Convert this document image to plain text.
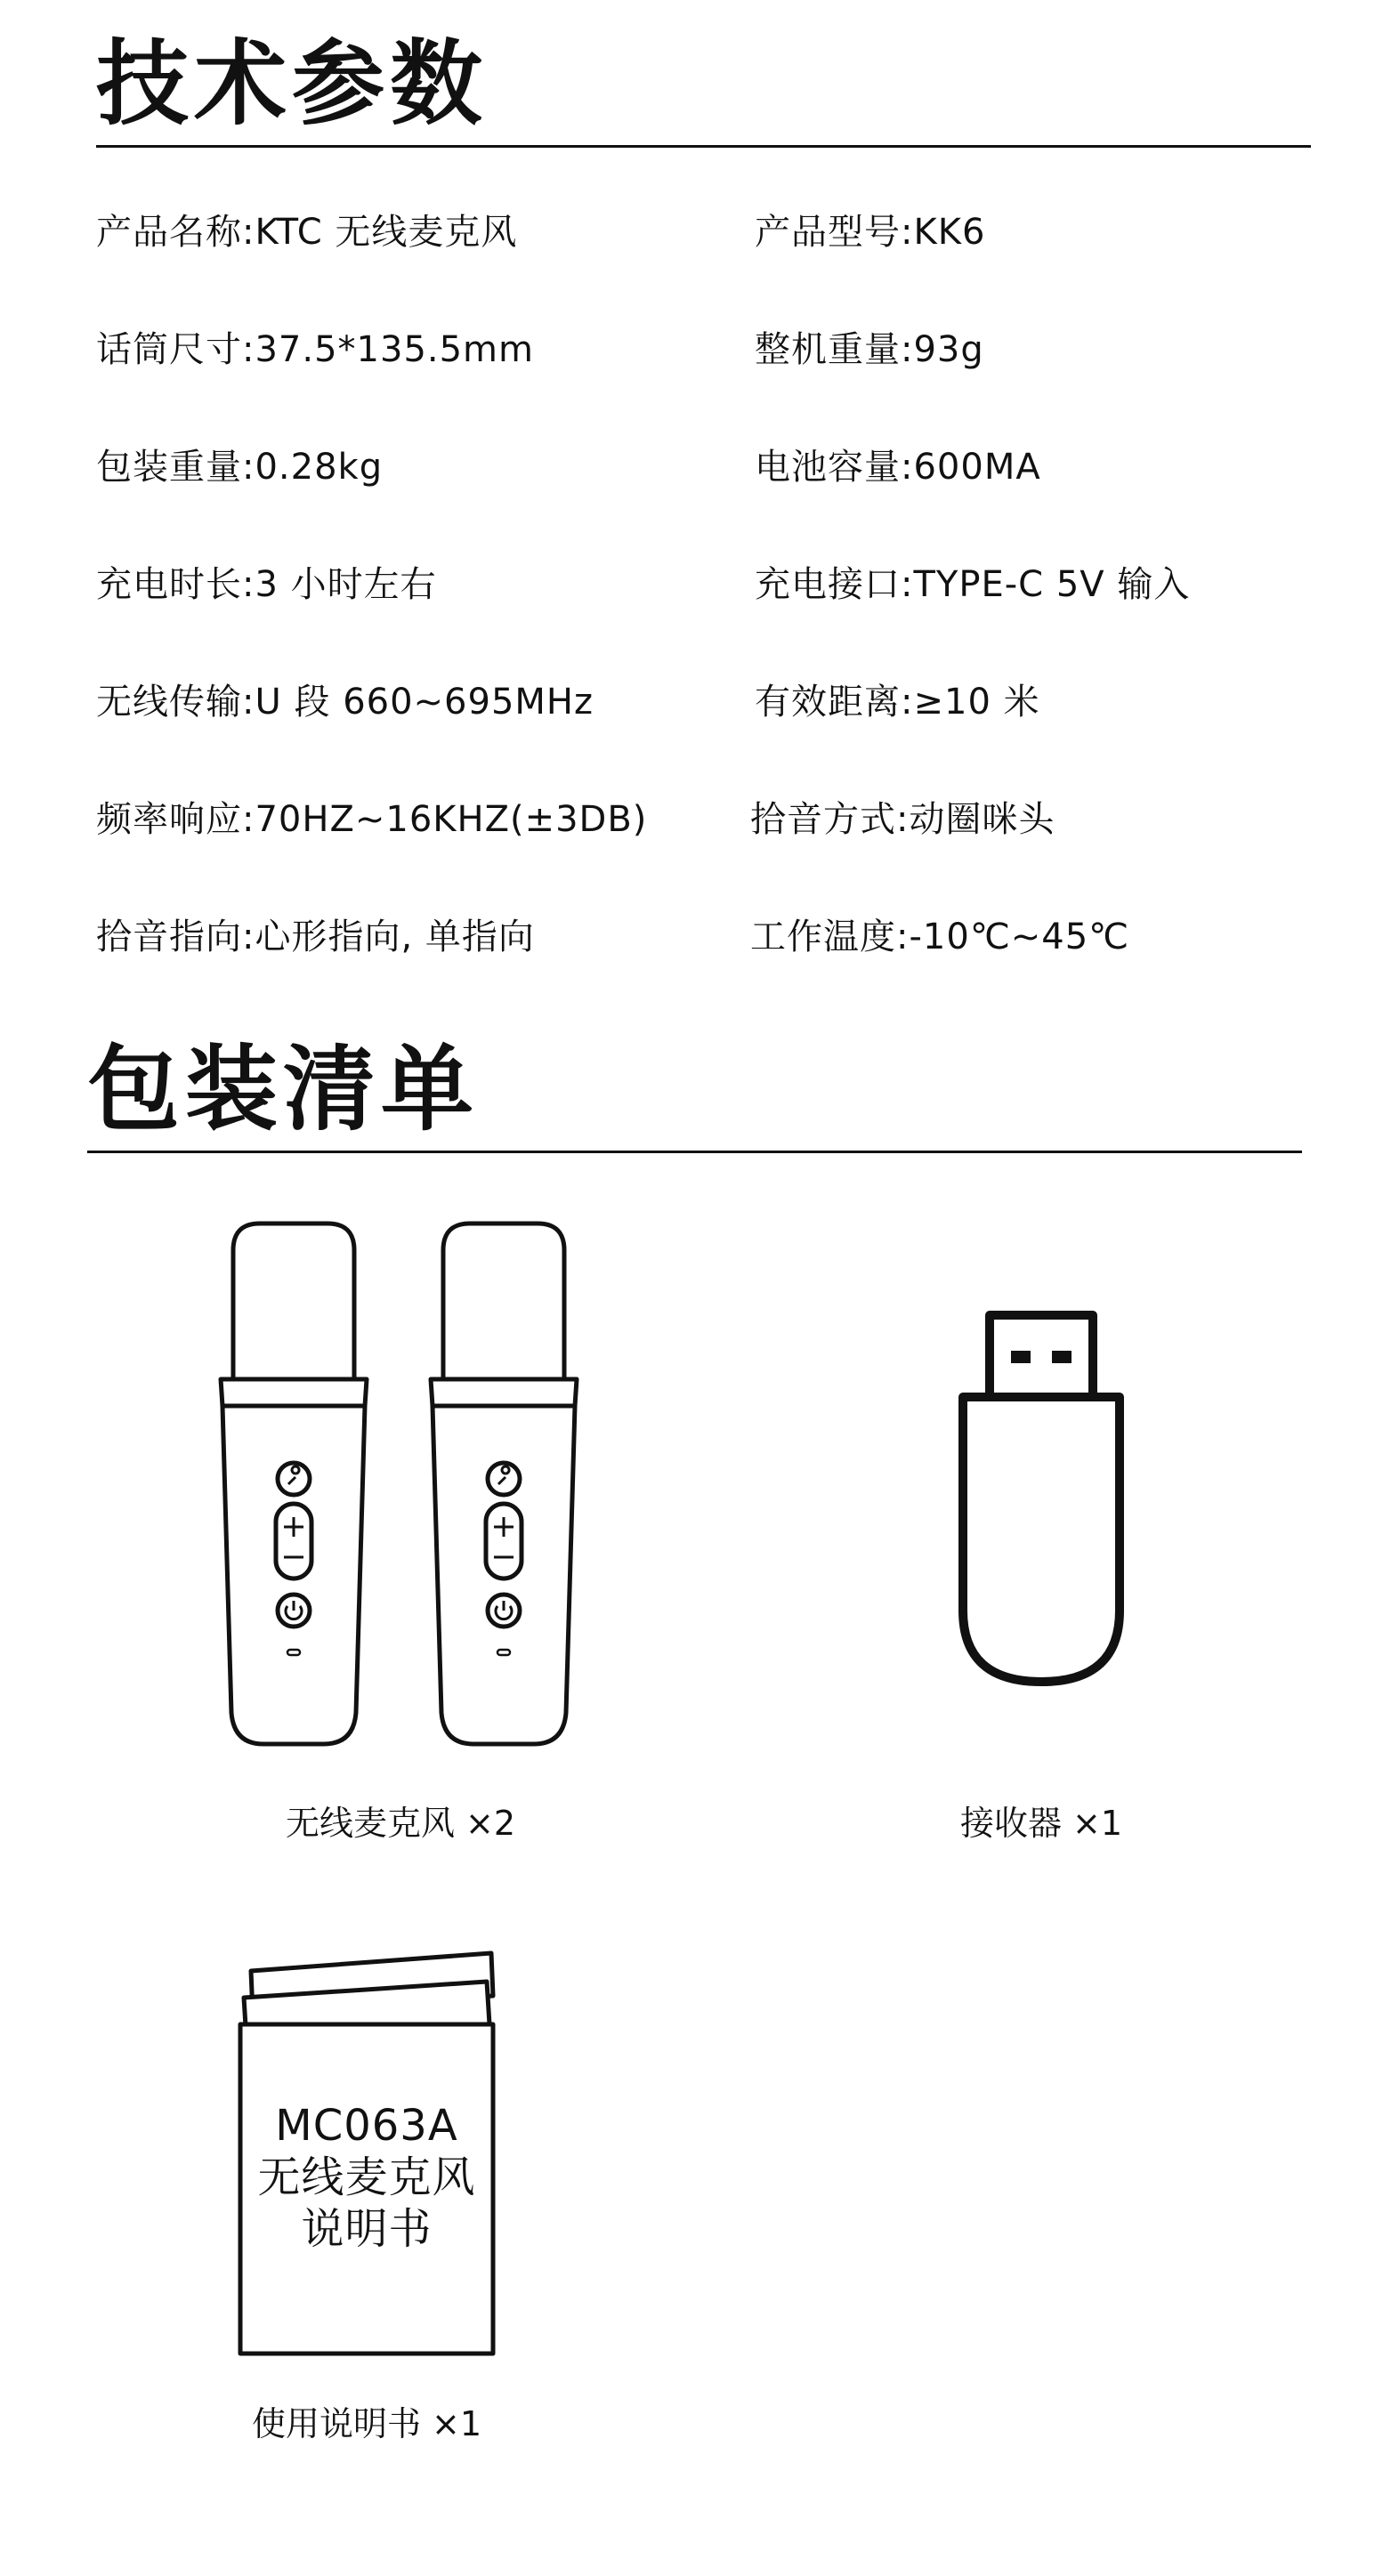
技术参数
产品名称:KTC 无线麦克风	产品型号:KK6
话筒尺寸:37.5*135.5mm	整机重量:93g
包装重量:0.28kg	电池容量:600MA
充电时长:3 小时左右	充电接口:TYPE-C 5V 输入
无线传输:U 段 660~695MHz	有效距离:≥10 米
频率响应:70HZ~16KHZ(±3DB)	拾音方式:动圈咪头
拾音指向:心形指向, 单指向	工作温度:-10℃~45℃
包装清单
无线麦克风 ×2	接收器 ×1
MC063A
无线麦克风
说明书
使用说明书 ×1
